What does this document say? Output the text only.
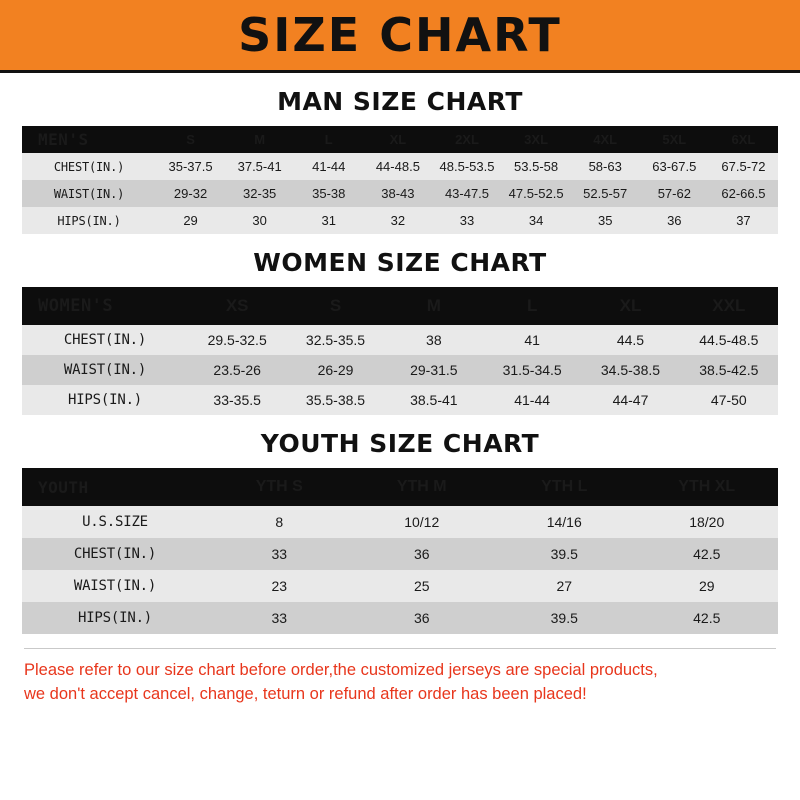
SIZE CHART
MAN SIZE CHART
MEN'S	S	M	L	XL	2XL	3XL	4XL	5XL	6XL
CHEST(IN.)	35-37.5	37.5-41	41-44	44-48.5	48.5-53.5	53.5-58	58-63	63-67.5	67.5-72
WAIST(IN.)	29-32	32-35	35-38	38-43	43-47.5	47.5-52.5	52.5-57	57-62	62-66.5
HIPS(IN.)	29	30	31	32	33	34	35	36	37
WOMEN SIZE CHART
WOMEN'S	XS	S	M	L	XL	XXL
CHEST(IN.)	29.5-32.5	32.5-35.5	38	41	44.5	44.5-48.5
WAIST(IN.)	23.5-26	26-29	29-31.5	31.5-34.5	34.5-38.5	38.5-42.5
HIPS(IN.)	33-35.5	35.5-38.5	38.5-41	41-44	44-47	47-50
YOUTH SIZE CHART
YOUTH	YTH S	YTH M	YTH L	YTH XL
U.S.SIZE	8	10/12	14/16	18/20
CHEST(IN.)	33	36	39.5	42.5
WAIST(IN.)	23	25	27	29
HIPS(IN.)	33	36	39.5	42.5

Please refer to our size chart before order,the customized jerseys are special products,

we don't accept cancel, change, teturn or refund after order has been placed!
